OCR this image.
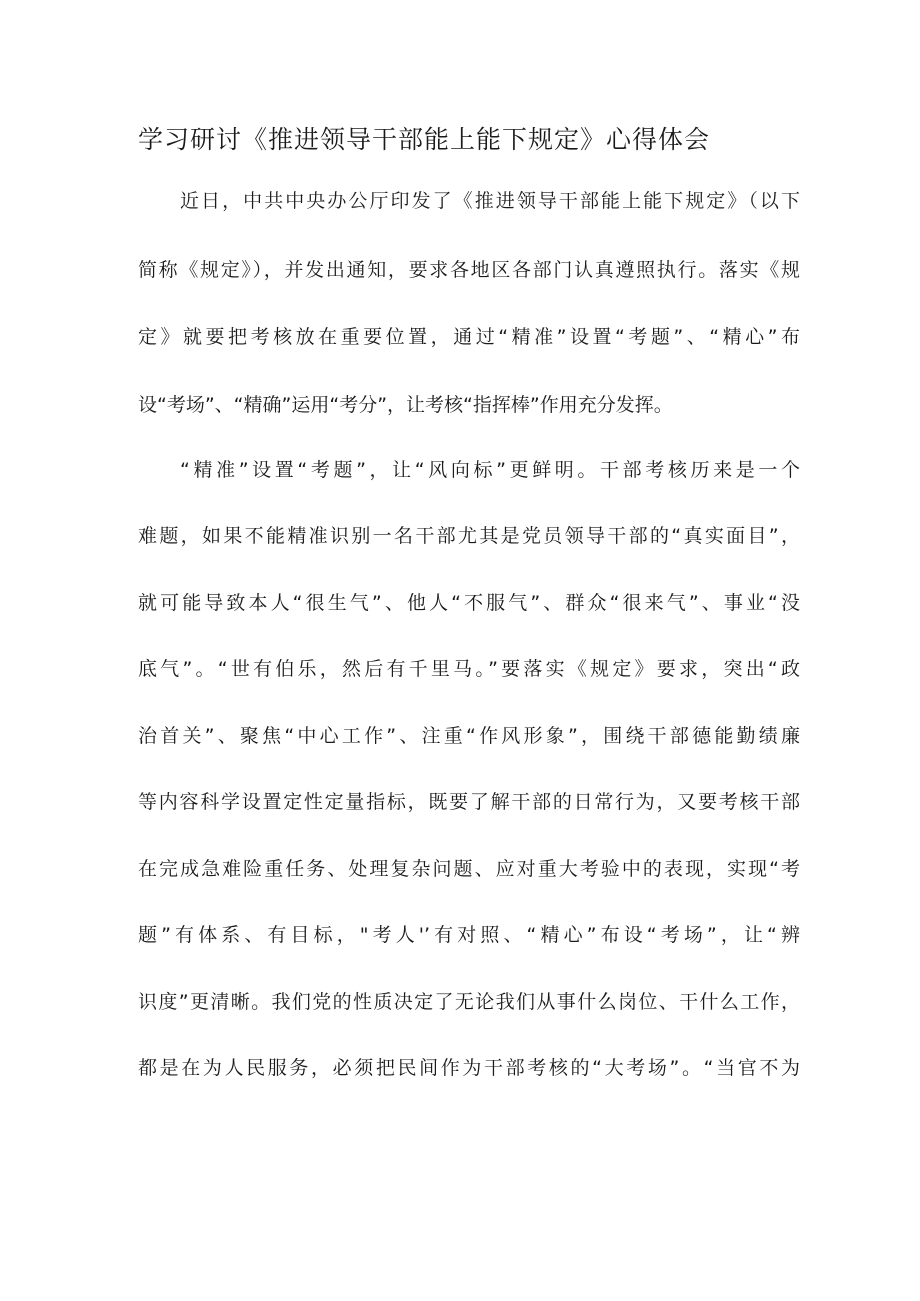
学习研讨《推进领导干部能上能下规定》心得体会
近日，中共中央办公厅印发了《推进领导干部能上能下规定》（以下
简称《规定》），并发出通知，要求各地区各部门认真遵照执行。落实《规
定》就要把考核放在重要位置，通过“精准”设置“考题”、“精心”布
设“考场”、“精确”运用“考分”，让考核“指挥棒”作用充分发挥。
“精准”设置“考题”，让“风向标”更鲜明。干部考核历来是一个
难题，如果不能精准识别一名干部尤其是党员领导干部的“真实面目”，
就可能导致本人“很生气”、他人“不服气”、群众“很来气”、事业“没
底气”。“世有伯乐，然后有千里马。”要落实《规定》要求，突出“政
治首关”、聚焦“中心工作”、注重“作风形象”，围绕干部德能勤绩廉
等内容科学设置定性定量指标，既要了解干部的日常行为，又要考核干部
在完成急难险重任务、处理复杂问题、应对重大考验中的表现，实现“考
题”有体系、有目标，"考人'’有对照、“精心”布设“考场”，让“辨
识度”更清晰。我们党的性质决定了无论我们从事什么岗位、干什么工作，
都是在为人民服务，必须把民间作为干部考核的“大考场”。“当官不为
